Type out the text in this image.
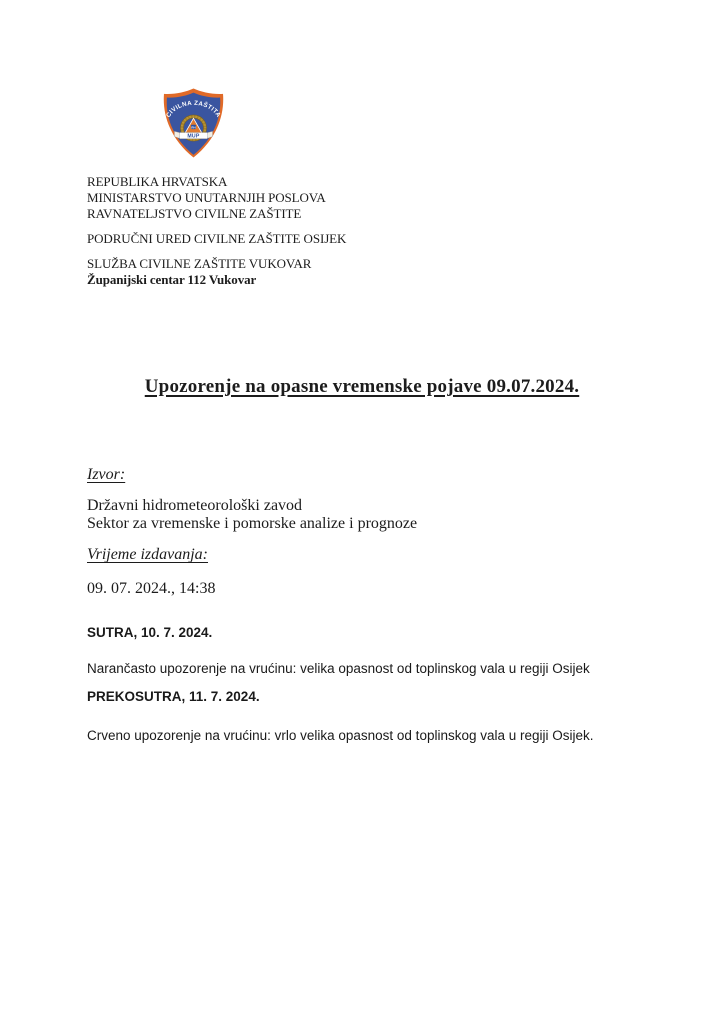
CIVILNA ZAŠTITA
RH
MUP
REPUBLIKA HRVATSKA
MINISTARSTVO UNUTARNJIH POSLOVA
RAVNATELJSTVO CIVILNE ZAŠTITE
PODRUČNI URED CIVILNE ZAŠTITE OSIJEK
SLUŽBA CIVILNE ZAŠTITE VUKOVAR
Županijski centar 112 Vukovar
Upozorenje na opasne vremenske pojave 09.07.2024.
Izvor:
Državni hidrometeorološki zavod
Sektor za vremenske i pomorske analize i prognoze
Vrijeme izdavanja:
09. 07. 2024., 14:38
SUTRA, 10. 7. 2024.
Narančasto upozorenje na vrućinu: velika opasnost od toplinskog vala u regiji Osijek
PREKOSUTRA, 11. 7. 2024.
Crveno upozorenje na vrućinu: vrlo velika opasnost od toplinskog vala u regiji Osijek.
